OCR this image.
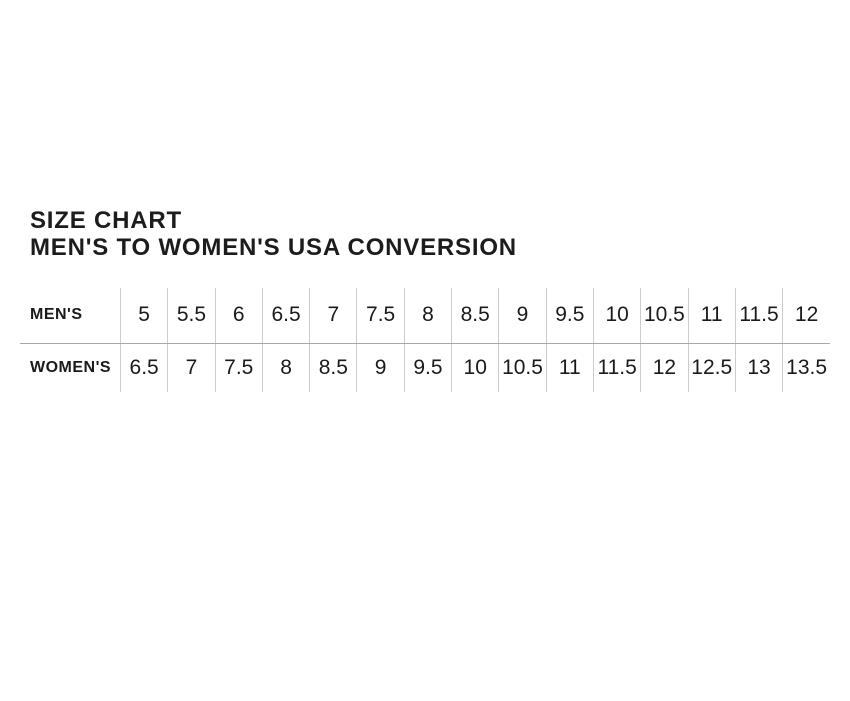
SIZE CHART
MEN'S TO WOMEN'S USA CONVERSION
MEN'S	5	5.5	6	6.5	7	7.5	8	8.5	9	9.5	10	10.5	11	11.5	12
WOMEN'S	6.5	7	7.5	8	8.5	9	9.5	10	10.5	11	11.5	12	12.5	13	13.5
